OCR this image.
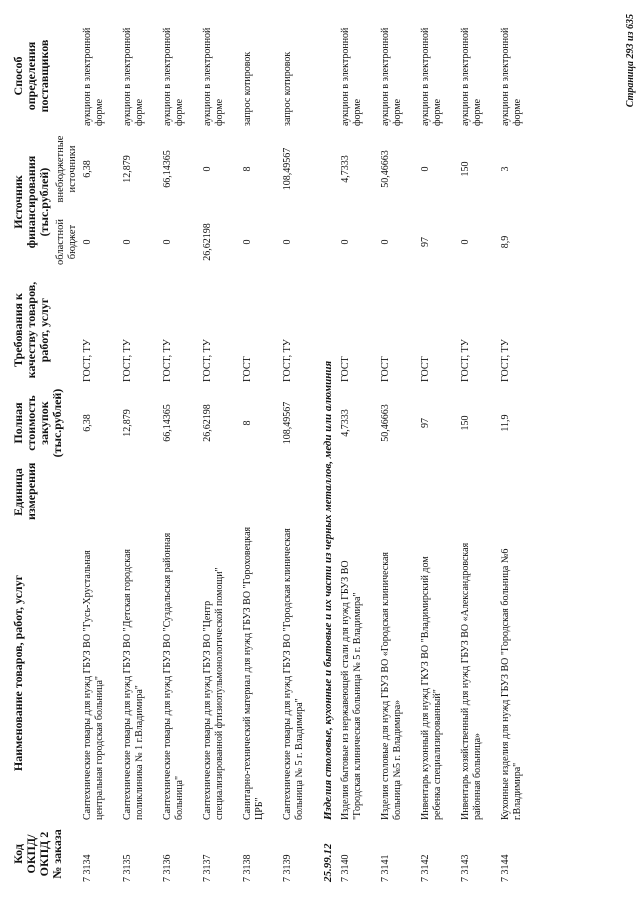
Код ОКПД/ ОКПД 2 № заказа	Наименование товаров, работ, услуг	Единица измерения	Полная стоимость закупок (тыс.рублей)	Требования к качеству товаров, работ, услуг	Источник финансирования (тыс.рублей)		Способ определения поставщиков
					областной бюджет	внебюджетные источники	
7 3134	Сантехнические товары для нужд ГБУЗ ВО "Гусь-Хрустальная центральная городская больница"		6,38	ГОСТ, ТУ	0	6,38	аукцион в электронной форме
7 3135	Сантехнические товары для нужд ГБУЗ ВО "Детская городская поликлиника № 1 г.Владимира"		12,879	ГОСТ, ТУ	0	12,879	аукцион в электронной форме
7 3136	Сантехнические товары для нужд ГБУЗ ВО "Суздальская районная больница"		66,14365	ГОСТ, ТУ	0	66,14365	аукцион в электронной форме
7 3137	Сантехнические товары для нужд ГБУЗ ВО "Центр специализированной фтизиопульмонологической помощи"		26,62198	ГОСТ, ТУ	26,62198	0	аукцион в электронной форме
7 3138	Санитарно-технический материал для нужд ГБУЗ ВО "Гороховецкая ЦРБ"		8	ГОСТ	0	8	запрос котировок
7 3139	Сантехнические товары для нужд ГБУЗ ВО "Городская клиническая больница № 5 г. Владимира"		108,49567	ГОСТ, ТУ	0	108,49567	запрос котировок
25.99.12	Изделия столовые, кухонные и бытовые и их части из черных металлов, меди или алюминия						
7 3140	Изделия бытовые из нержавеющей стали для нужд ГБУЗ ВО "Городская клиническая больница № 5 г. Владимира"		4,7333	ГОСТ	0	4,7333	аукцион в электронной форме
7 3141	Изделия столовые для нужд ГБУЗ ВО «Городская клиническая больница №5 г. Владимира»		50,46663	ГОСТ	0	50,46663	аукцион в электронной форме
7 3142	Инвентарь кухонный для нужд ГКУЗ ВО "Владимирский дом ребенка специализированный"		97	ГОСТ	97	0	аукцион в электронной форме
7 3143	Инвентарь хозяйственный для нужд ГБУЗ ВО «Александровская районная больница»		150	ГОСТ, ТУ	0	150	аукцион в электронной форме
7 3144	Кухонные изделия для нужд ГБУЗ ВО "Городская больница №6 г.Владимира"		11,9	ГОСТ, ТУ	8,9	3	аукцион в электронной форме
Страница 293 из 635
